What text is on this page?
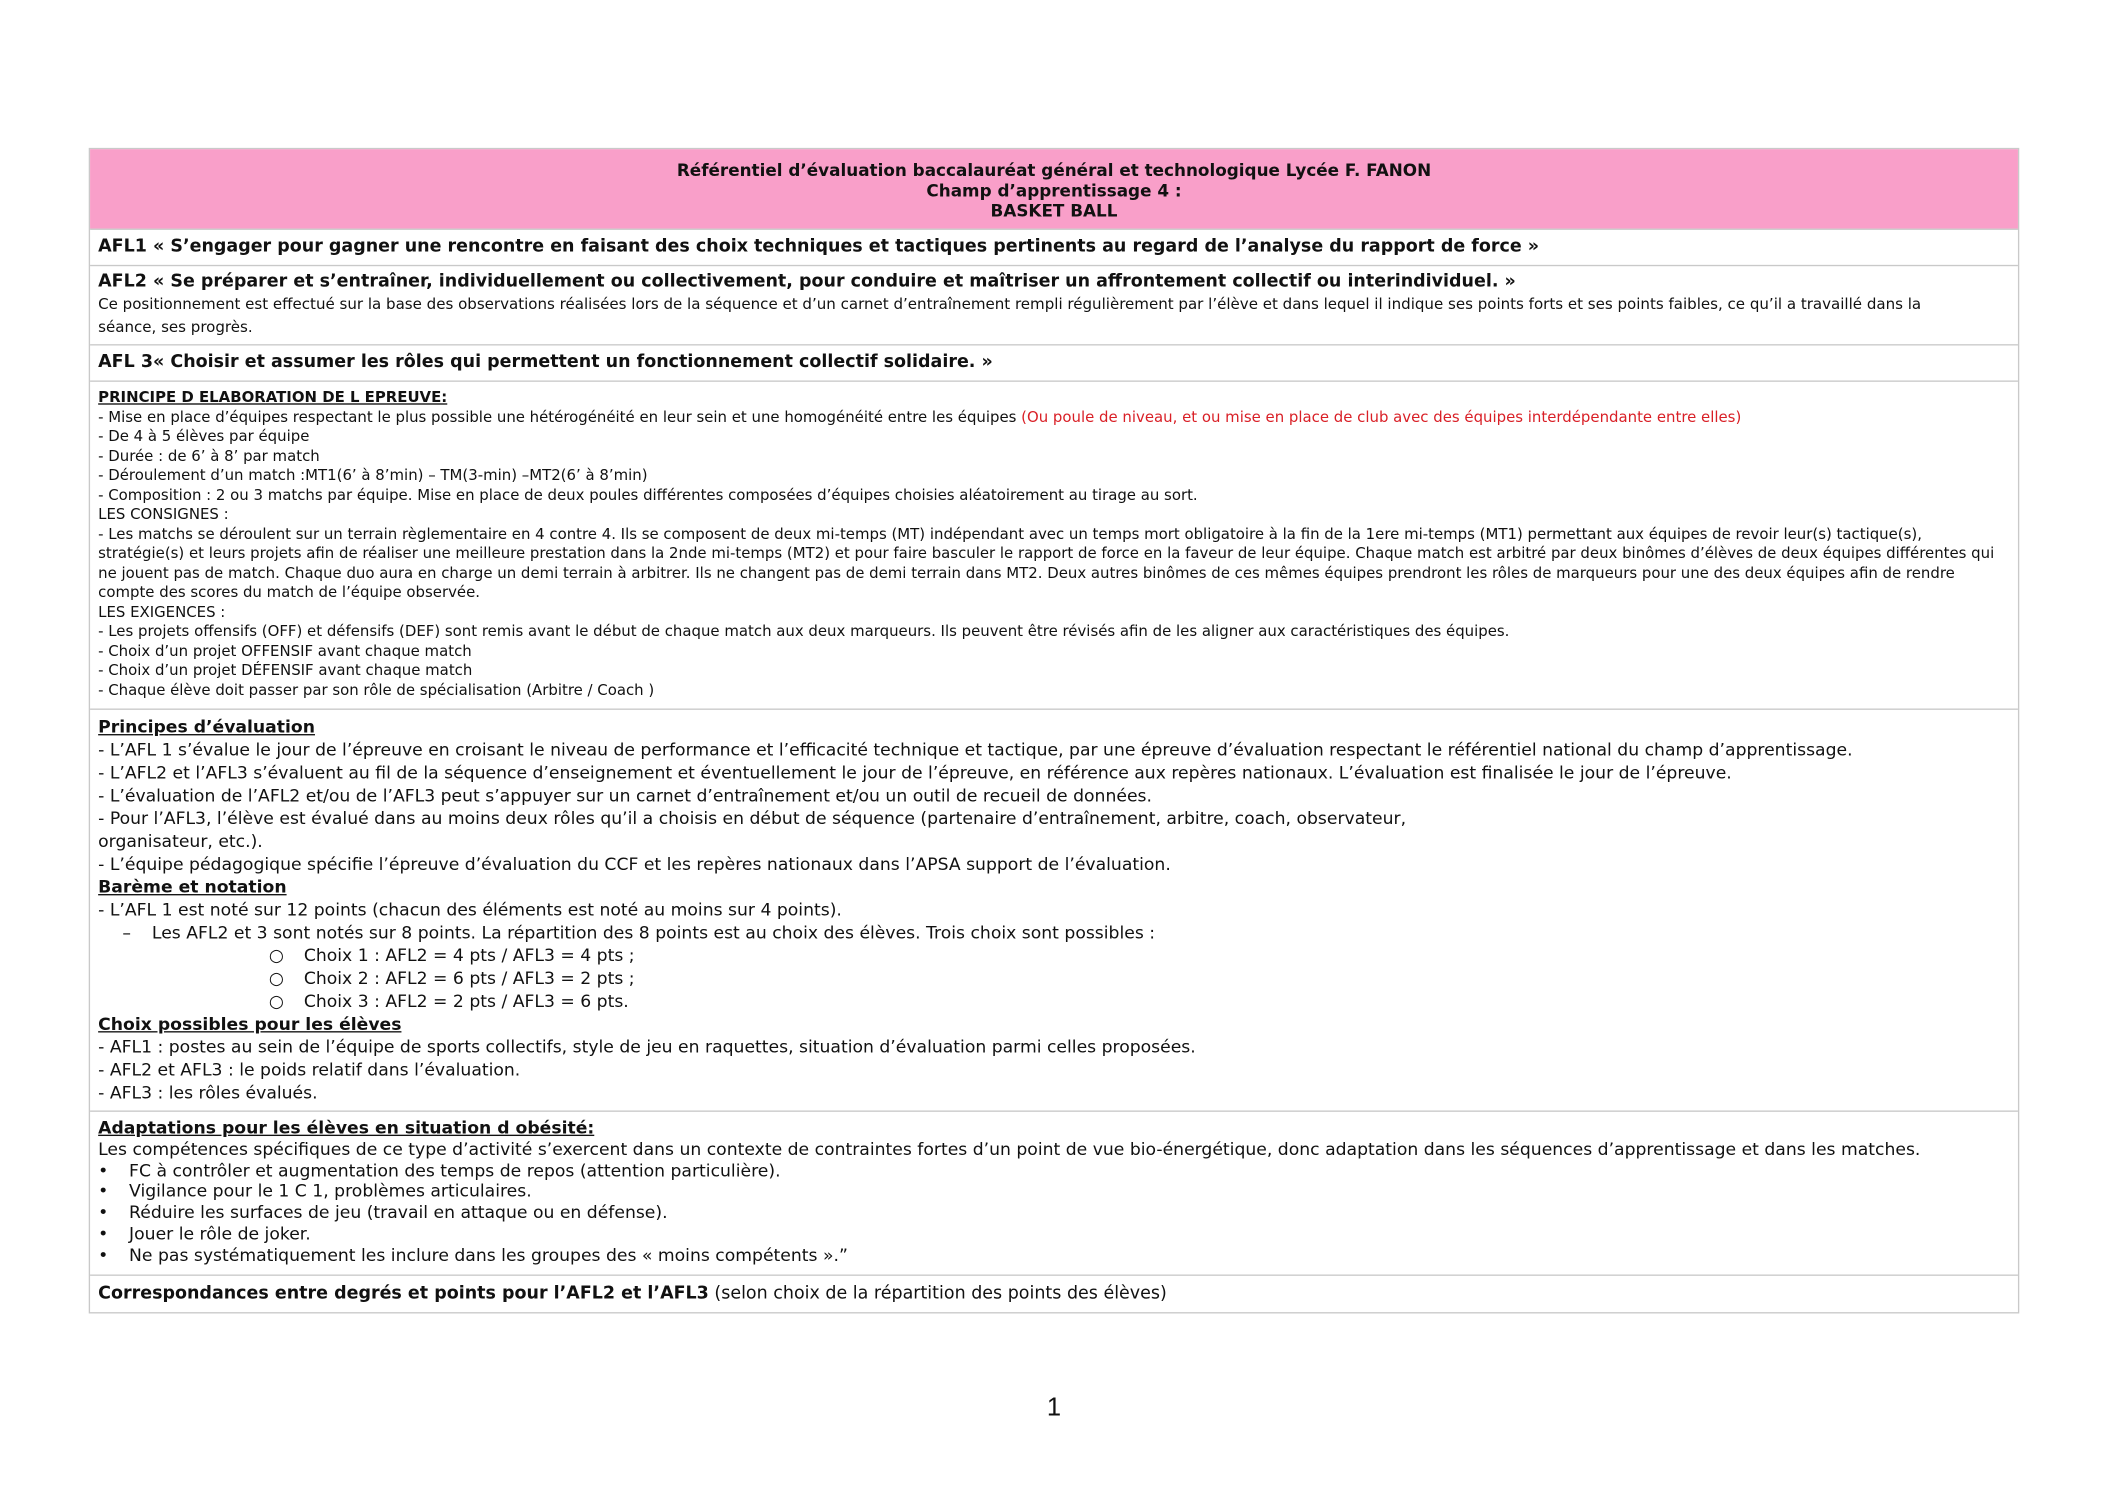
Référentiel d’évaluation baccalauréat général et technologique Lycée F. FANON
Champ d’apprentissage 4 :
BASKET BALL
AFL1 « S’engager pour gagner une rencontre en faisant des choix techniques et tactiques pertinents au regard de l’analyse du rapport de force »
AFL2 « Se préparer et s’entraîner, individuellement ou collectivement, pour conduire et maîtriser un affrontement collectif ou interindividuel. »
Ce positionnement est effectué sur la base des observations réalisées lors de la séquence et d’un carnet d’entraînement rempli régulièrement par l’élève et dans lequel il indique ses points forts et ses points faibles, ce qu’il a travaillé dans la
séance, ses progrès.
AFL 3« Choisir et assumer les rôles qui permettent un fonctionnement collectif solidaire. »
PRINCIPE D ELABORATION DE L EPREUVE:
- Mise en place d’équipes respectant le plus possible une hétérogénéité en leur sein et une homogénéité entre les équipes (Ou poule de niveau, et ou mise en place de club avec des équipes interdépendante entre elles)
- De 4 à 5 élèves par équipe
- Durée : de 6’ à 8’ par match
- Déroulement d’un match :MT1(6’ à 8’min) – TM(3-min) –MT2(6’ à 8’min)
- Composition : 2 ou 3 matchs par équipe. Mise en place de deux poules différentes composées d’équipes choisies aléatoirement au tirage au sort.
LES CONSIGNES :
- Les matchs se déroulent sur un terrain règlementaire en 4 contre 4. Ils se composent de deux mi-temps (MT) indépendant avec un temps mort obligatoire à la fin de la 1ere mi-temps (MT1) permettant aux équipes de revoir leur(s) tactique(s), stratégie(s) et leurs projets afin de réaliser une meilleure prestation dans la 2nde mi-temps (MT2) et pour faire basculer le rapport de force en la faveur de leur équipe. Chaque match est arbitré par deux binômes d’élèves de deux équipes différentes qui ne jouent pas de match. Chaque duo aura en charge un demi terrain à arbitrer. Ils ne changent pas de demi terrain dans MT2. Deux autres binômes de ces mêmes équipes prendront les rôles de marqueurs pour une des deux équipes afin de rendre compte des scores du match de l’équipe observée.
LES EXIGENCES :
- Les projets offensifs (OFF) et défensifs (DEF) sont remis avant le début de chaque match aux deux marqueurs. Ils peuvent être révisés afin de les aligner aux caractéristiques des équipes.
- Choix d’un projet OFFENSIF avant chaque match
- Choix d’un projet DÉFENSIF avant chaque match
- Chaque élève doit passer par son rôle de spécialisation (Arbitre / Coach )
Principes d’évaluation
- L’AFL 1 s’évalue le jour de l’épreuve en croisant le niveau de performance et l’efficacité technique et tactique, par une épreuve d’évaluation respectant le référentiel national du champ d’apprentissage.
- L’AFL2 et l’AFL3 s’évaluent au fil de la séquence d’enseignement et éventuellement le jour de l’épreuve, en référence aux repères nationaux. L’évaluation est finalisée le jour de l’épreuve.
- L’évaluation de l’AFL2 et/ou de l’AFL3 peut s’appuyer sur un carnet d’entraînement et/ou un outil de recueil de données.
- Pour l’AFL3, l’élève est évalué dans au moins deux rôles qu’il a choisis en début de séquence (partenaire d’entraînement, arbitre, coach, observateur,
organisateur, etc.).
- L’équipe pédagogique spécifie l’épreuve d’évaluation du CCF et les repères nationaux dans l’APSA support de l’évaluation.
Barème et notation
- L’AFL 1 est noté sur 12 points (chacun des éléments est noté au moins sur 4 points).
– Les AFL2 et 3 sont notés sur 8 points. La répartition des 8 points est au choix des élèves. Trois choix sont possibles :
○ Choix 1 : AFL2 = 4 pts / AFL3 = 4 pts ;
○ Choix 2 : AFL2 = 6 pts / AFL3 = 2 pts ;
○ Choix 3 : AFL2 = 2 pts / AFL3 = 6 pts.
Choix possibles pour les élèves
- AFL1 : postes au sein de l’équipe de sports collectifs, style de jeu en raquettes, situation d’évaluation parmi celles proposées.
- AFL2 et AFL3 : le poids relatif dans l’évaluation.
- AFL3 : les rôles évalués.
Adaptations pour les élèves en situation d obésité:
Les compétences spécifiques de ce type d’activité s’exercent dans un contexte de contraintes fortes d’un point de vue bio-énergétique, donc adaptation dans les séquences d’apprentissage et dans les matches.
• FC à contrôler et augmentation des temps de repos (attention particulière).
• Vigilance pour le 1 C 1, problèmes articulaires.
• Réduire les surfaces de jeu (travail en attaque ou en défense).
• Jouer le rôle de joker.
• Ne pas systématiquement les inclure dans les groupes des « moins compétents ».”
Correspondances entre degrés et points pour l’AFL2 et l’AFL3 (selon choix de la répartition des points des élèves)
1
